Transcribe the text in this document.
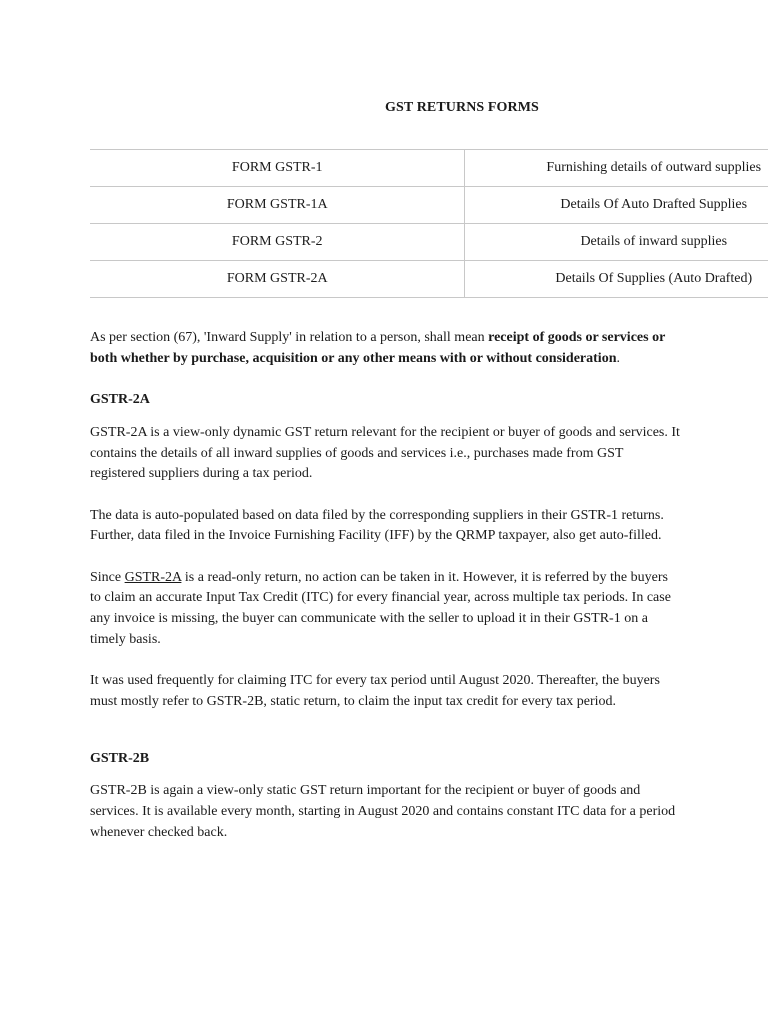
GST RETURNS FORMS
FORM GSTR-1	Furnishing details of outward supplies
FORM GSTR-1A	Details Of Auto Drafted Supplies
FORM GSTR-2	Details of inward supplies
FORM GSTR-2A	Details Of Supplies (Auto Drafted)

As per section (67), 'Inward Supply' in relation to a person, shall mean receipt of goods or services or both whether by purchase, acquisition or any other means with or without consideration.

GSTR-2A

GSTR-2A is a view-only dynamic GST return relevant for the recipient or buyer of goods and services. It contains the details of all inward supplies of goods and services i.e., purchases made from GST registered suppliers during a tax period.

The data is auto-populated based on data filed by the corresponding suppliers in their GSTR-1 returns. Further, data filed in the Invoice Furnishing Facility (IFF) by the QRMP taxpayer, also get auto-filled.

Since GSTR-2A is a read-only return, no action can be taken in it. However, it is referred by the buyers to claim an accurate Input Tax Credit (ITC) for every financial year, across multiple tax periods. In case any invoice is missing, the buyer can communicate with the seller to upload it in their GSTR-1 on a timely basis.

It was used frequently for claiming ITC for every tax period until August 2020. Thereafter, the buyers must mostly refer to GSTR-2B, static return, to claim the input tax credit for every tax period.

GSTR-2B

GSTR-2B is again a view-only static GST return important for the recipient or buyer of goods and services. It is available every month, starting in August 2020 and contains constant ITC data for a period whenever checked back.
